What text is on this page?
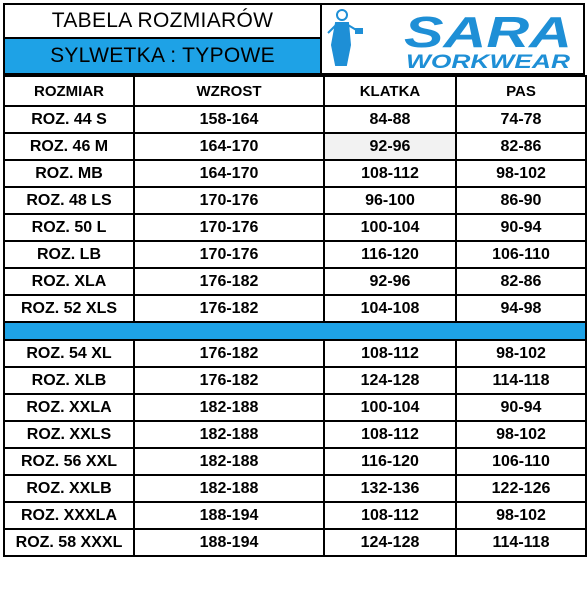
TABELA ROZMIARÓW
SYLWETKA : TYPOWE	SARA
WORKWEAR
ROZMIAR	WZROST	KLATKA	PAS
ROZ. 44 S	158-164	84-88	74-78
ROZ. 46 M	164-170	92-96	82-86
ROZ. MB	164-170	108-112	98-102
ROZ. 48 LS	170-176	96-100	86-90
ROZ. 50 L	170-176	100-104	90-94
ROZ. LB	170-176	116-120	106-110
ROZ. XLA	176-182	92-96	82-86
ROZ. 52 XLS	176-182	104-108	94-98

ROZ. 54 XL	176-182	108-112	98-102
ROZ. XLB	176-182	124-128	114-118
ROZ. XXLA	182-188	100-104	90-94
ROZ. XXLS	182-188	108-112	98-102
ROZ. 56 XXL	182-188	116-120	106-110
ROZ. XXLB	182-188	132-136	122-126
ROZ. XXXLA	188-194	108-112	98-102
ROZ. 58 XXXL	188-194	124-128	114-118
